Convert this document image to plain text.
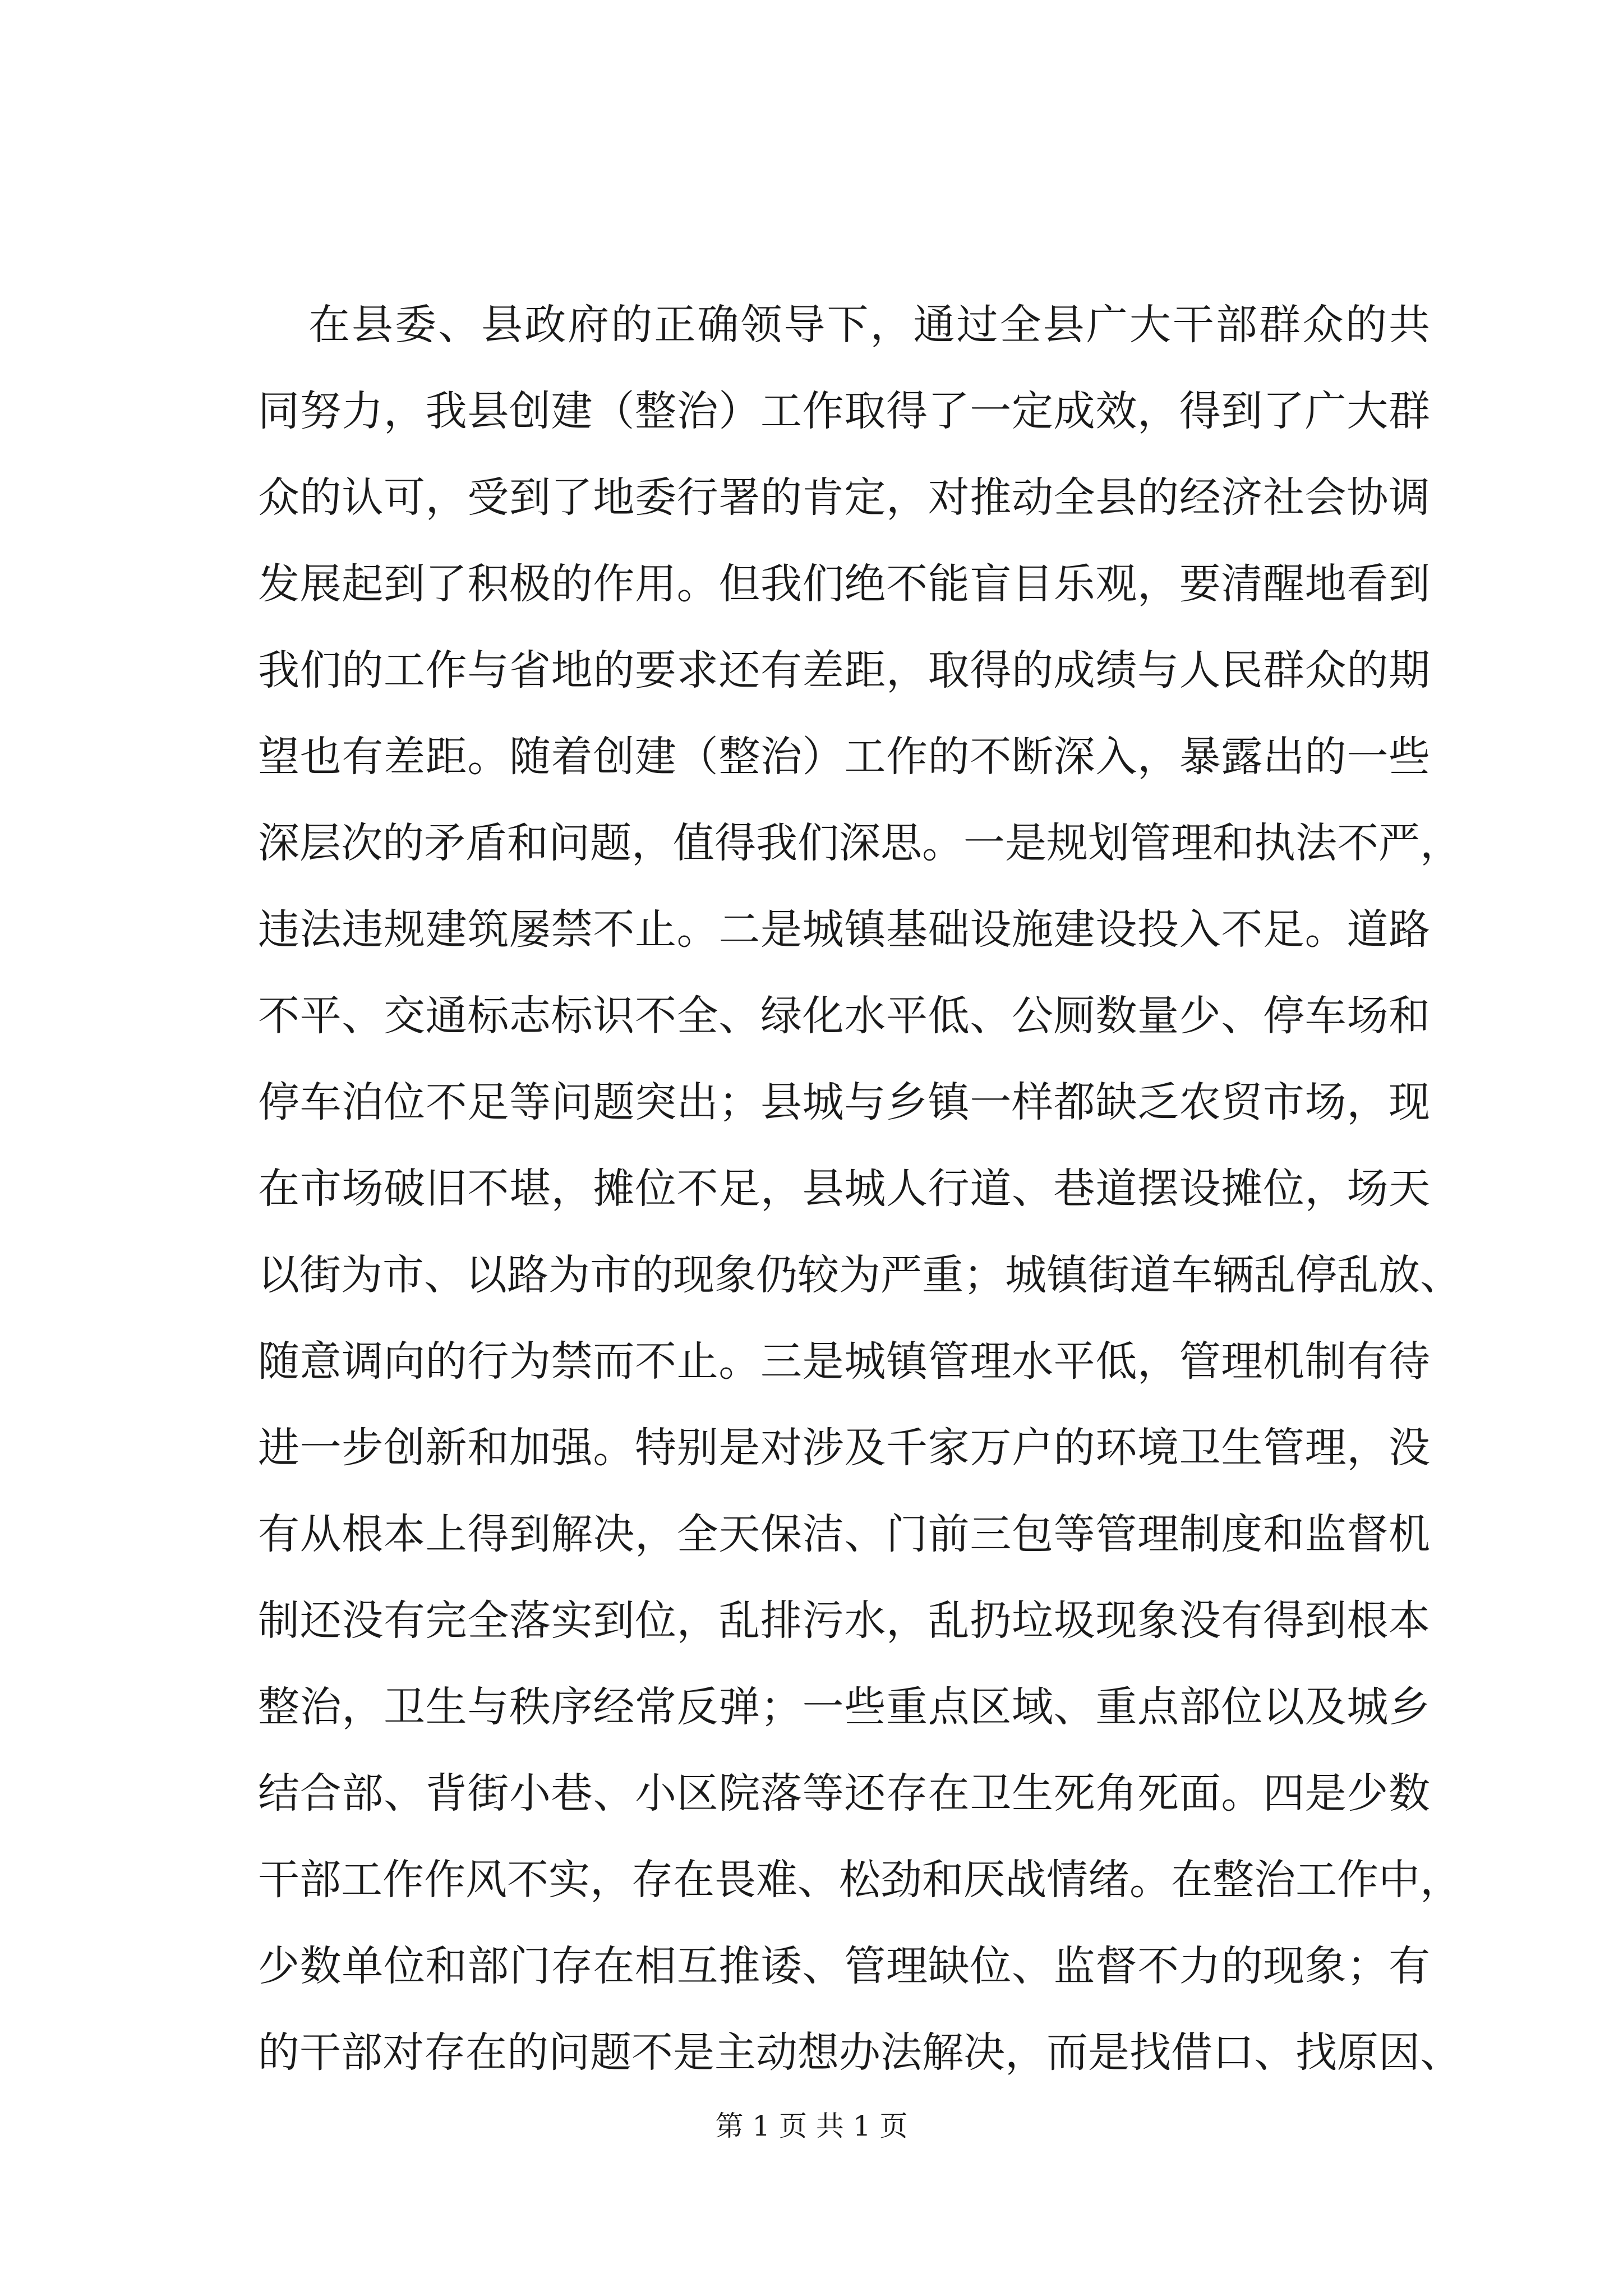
在县委、县政府的正确领导下，通过全县广大干部群众的共
同努力，我县创建（整治）工作取得了一定成效，得到了广大群
众的认可，受到了地委行署的肯定，对推动全县的经济社会协调
发展起到了积极的作用。但我们绝不能盲目乐观，要清醒地看到
我们的工作与省地的要求还有差距，取得的成绩与人民群众的期
望也有差距。随着创建（整治）工作的不断深入，暴露出的一些
深层次的矛盾和问题，值得我们深思。一是规划管理和执法不严，
违法违规建筑屡禁不止。二是城镇基础设施建设投入不足。道路
不平、交通标志标识不全、绿化水平低、公厕数量少、停车场和
停车泊位不足等问题突出；县城与乡镇一样都缺乏农贸市场，现
在市场破旧不堪，摊位不足，县城人行道、巷道摆设摊位，场天
以街为市、以路为市的现象仍较为严重；城镇街道车辆乱停乱放、
随意调向的行为禁而不止。三是城镇管理水平低，管理机制有待
进一步创新和加强。特别是对涉及千家万户的环境卫生管理，没
有从根本上得到解决，全天保洁、门前三包等管理制度和监督机
制还没有完全落实到位，乱排污水，乱扔垃圾现象没有得到根本
整治，卫生与秩序经常反弹；一些重点区域、重点部位以及城乡
结合部、背街小巷、小区院落等还存在卫生死角死面。四是少数
干部工作作风不实，存在畏难、松劲和厌战情绪。在整治工作中，
少数单位和部门存在相互推诿、管理缺位、监督不力的现象；有
的干部对存在的问题不是主动想办法解决，而是找借口、找原因、
第 1 页 共 1 页
